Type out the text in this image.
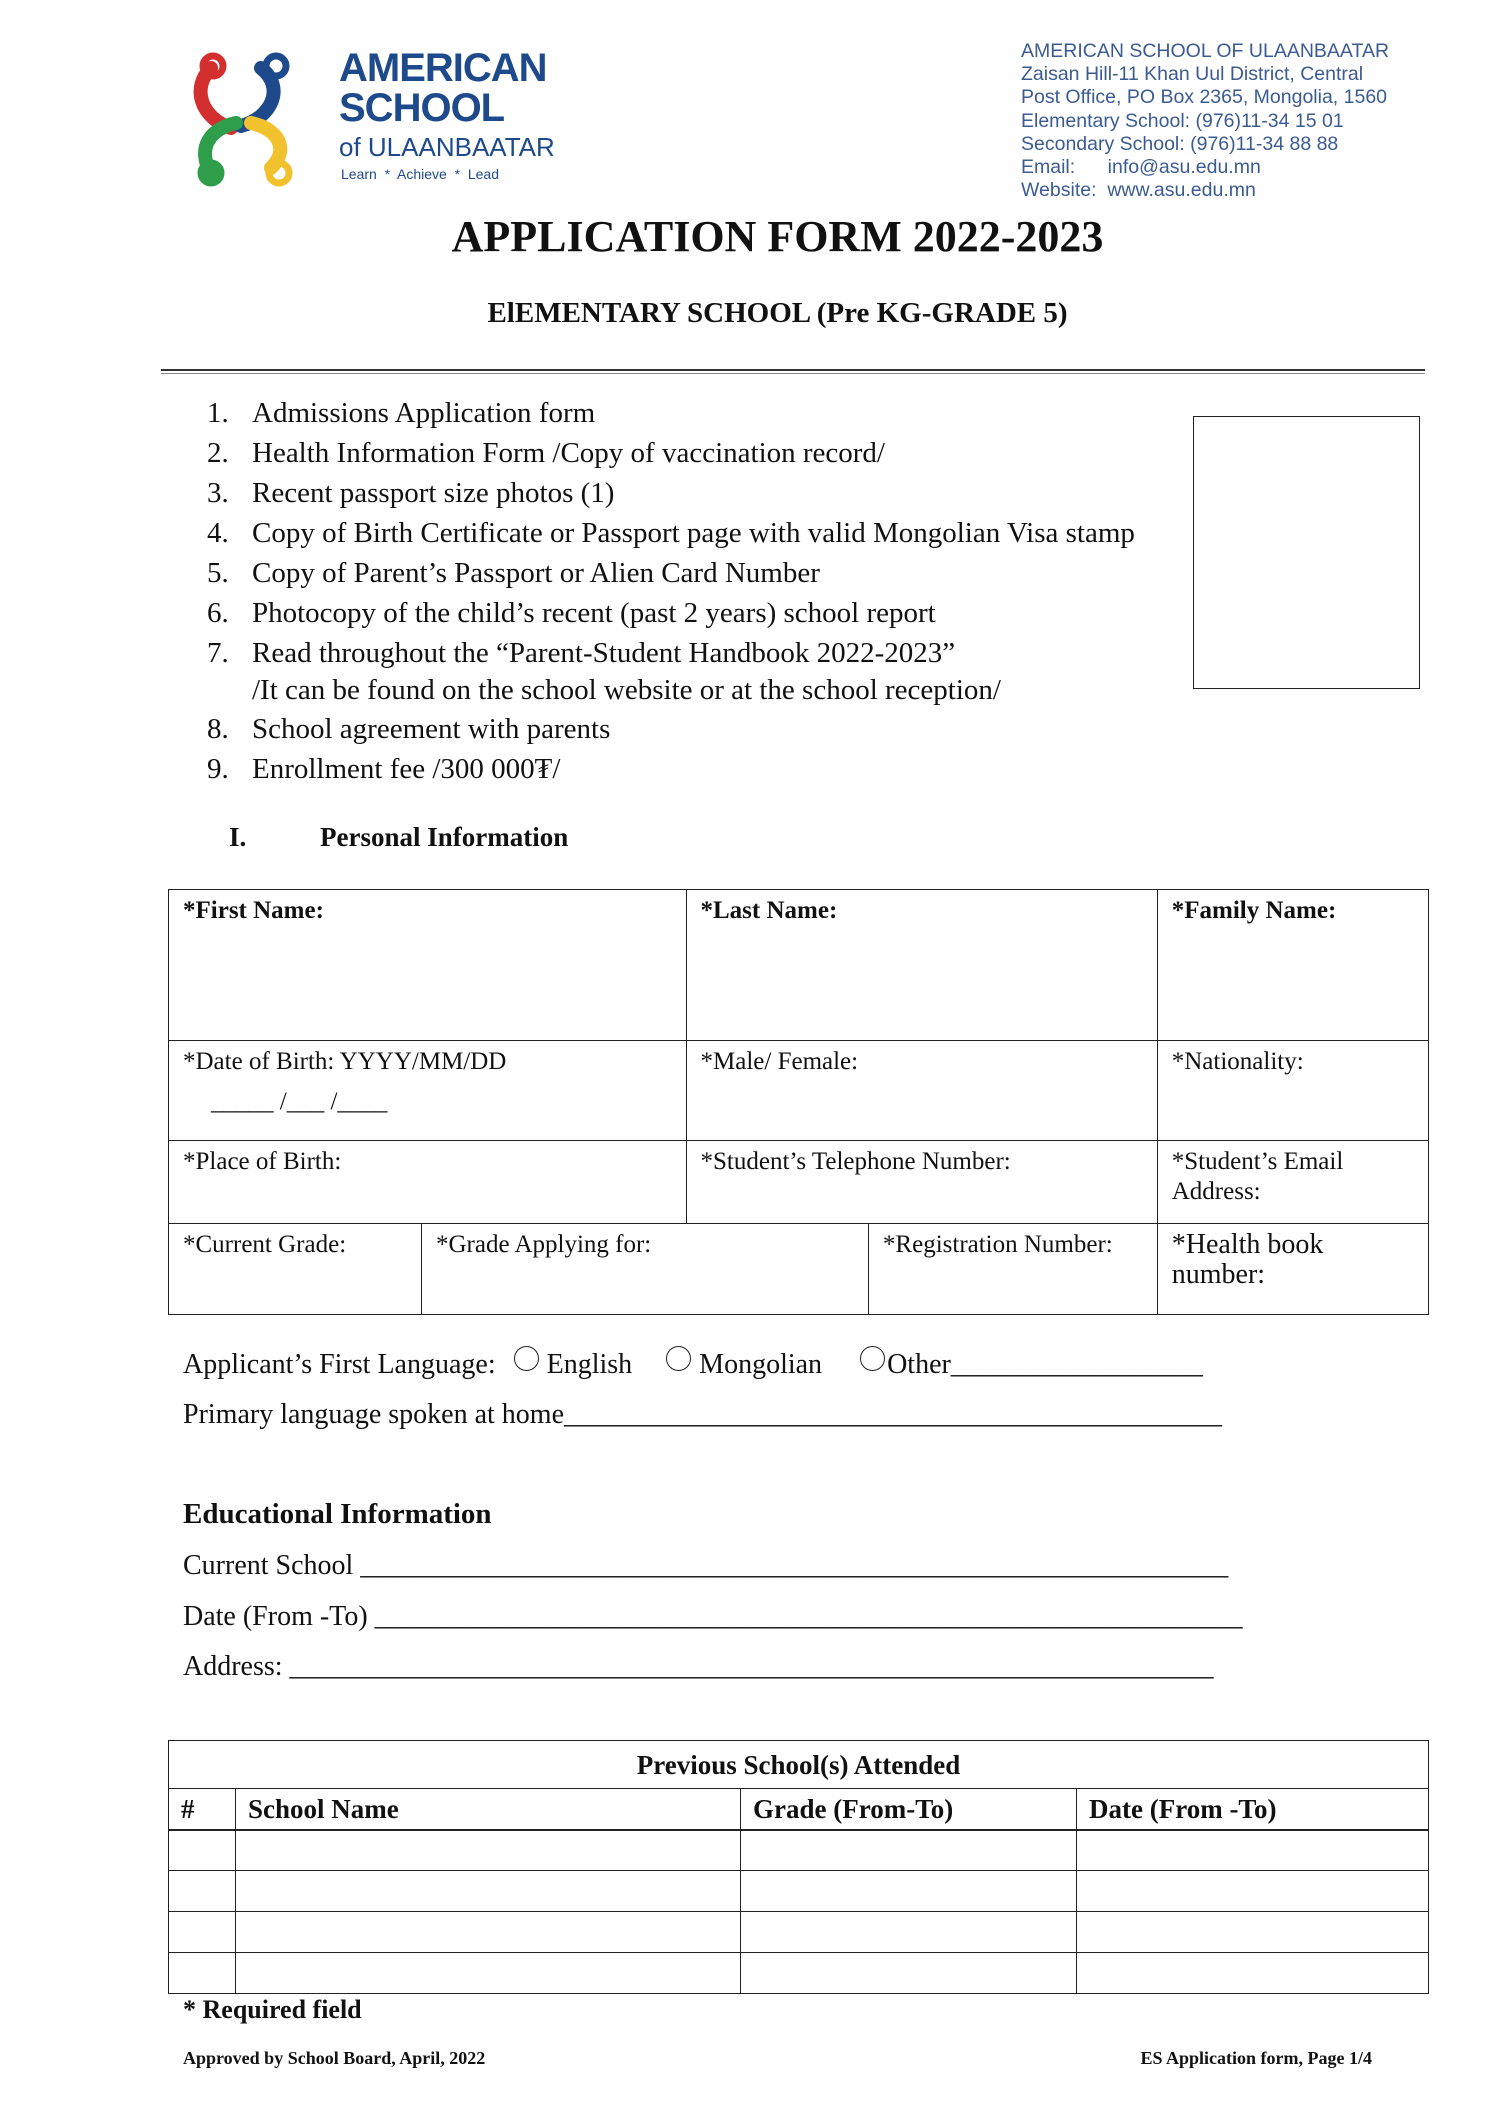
AMERICAN
SCHOOL
of ULAANBAATAR
Learn  *  Achieve  *  Lead
AMERICAN SCHOOL OF ULAANBAATAR
Zaisan Hill-11 Khan Uul District, Central
Post Office, PO Box 2365, Mongolia, 1560
Elementary School: (976)11-34 15 01
Secondary School: (976)11-34 88 88
Email:      info@asu.edu.mn
Website:  www.asu.edu.mn
APPLICATION FORM 2022-2023
ElEMENTARY SCHOOL (Pre KG-GRADE 5)
1. Admissions Application form
2. Health Information Form /Copy of vaccination record/
3. Recent passport size photos (1)
4. Copy of Birth Certificate or Passport page with valid Mongolian Visa stamp
5. Copy of Parent’s Passport or Alien Card Number
6. Photocopy of the child’s recent (past 2 years) school report
7. Read throughout the “Parent-Student Handbook 2022-2023”
/It can be found on the school website or at the school reception/
8. School agreement with parents
9. Enrollment fee /300 000₮/
I.	Personal Information
*First Name:		*Last Name:		*Family Name:

*Date of Birth: YYYY/MM/DD
_____ /___ /____		*Male/ Female:		*Nationality:
*Place of Birth:		*Student’s Telephone Number:		*Student’s Email Address:
*Current Grade:	*Grade Applying for:		*Registration Number:	*Health book number:
Applicant’s First Language: English Mongolian Other__________________
Primary language spoken at home_______________________________________________
Educational Information
Current School ______________________________________________________________
Date (From -To) ______________________________________________________________
Address: __________________________________________________________________
Previous School(s) Attended			
#	School Name	Grade (From-To)	Date (From -To)

* Required field
Approved by School Board, April, 2022	ES Application form, Page 1/4
